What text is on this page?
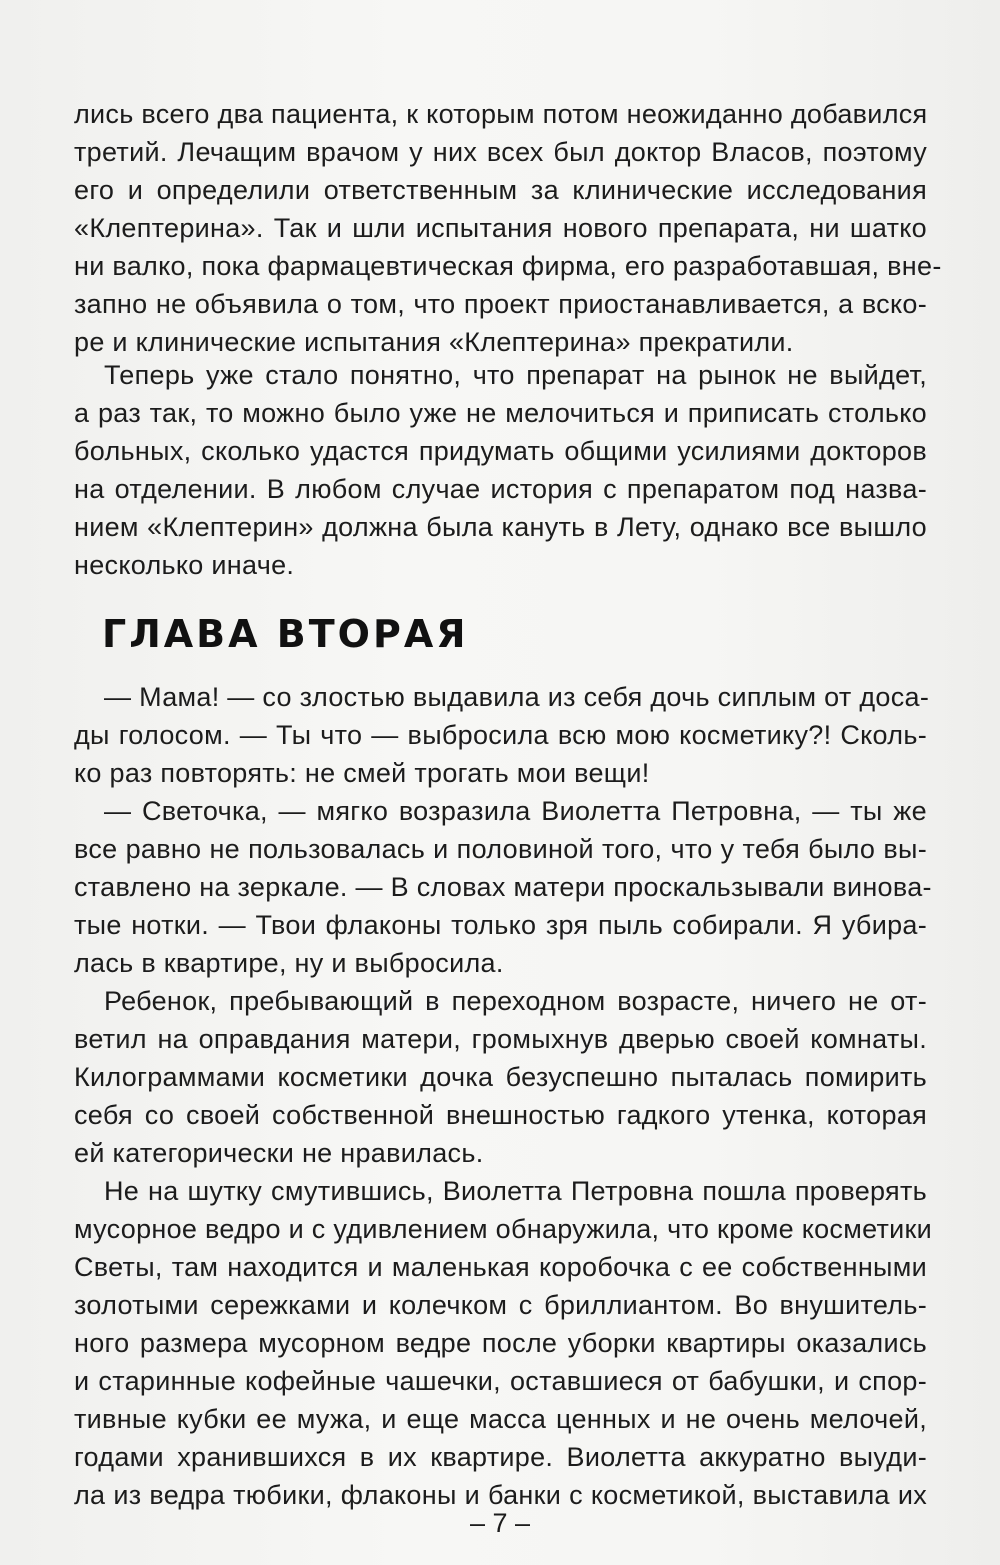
лись всего два пациента, к которым потом неожиданно добавился
третий. Лечащим врачом у них всех был доктор Власов, поэтому
его и определили ответственным за клинические исследования
«Клептерина». Так и шли испытания нового препарата, ни шатко
ни валко, пока фармацевтическая фирма, его разработавшая, вне-
запно не объявила о том, что проект приостанавливается, а вско-
ре и клинические испытания «Клептерина» прекратили.

Теперь уже стало понятно, что препарат на рынок не выйдет,
а раз так, то можно было уже не мелочиться и приписать столько
больных, сколько удастся придумать общими усилиями докторов
на отделении. В любом случае история с препаратом под назва-
нием «Клептерин» должна была кануть в Лету, однако все вышло
несколько иначе.

ГЛАВА ВТОРАЯ

— Мама! — со злостью выдавила из себя дочь сиплым от доса-
ды голосом. — Ты что — выбросила всю мою косметику?! Сколь-
ко раз повторять: не смей трогать мои вещи!

— Светочка, — мягко возразила Виолетта Петровна, — ты же
все равно не пользовалась и половиной того, что у тебя было вы-
ставлено на зеркале. — В словах матери проскальзывали винова-
тые нотки. — Твои флаконы только зря пыль собирали. Я убира-
лась в квартире, ну и выбросила.

Ребенок, пребывающий в переходном возрасте, ничего не от-
ветил на оправдания матери, громыхнув дверью своей комнаты.
Килограммами косметики дочка безуспешно пыталась помирить
себя со своей собственной внешностью гадкого утенка, которая
ей категорически не нравилась.

Не на шутку смутившись, Виолетта Петровна пошла проверять
мусорное ведро и с удивлением обнаружила, что кроме косметики
Светы, там находится и маленькая коробочка с ее собственными
золотыми сережками и колечком с бриллиантом. Во внушитель-
ного размера мусорном ведре после уборки квартиры оказались
и старинные кофейные чашечки, оставшиеся от бабушки, и спор-
тивные кубки ее мужа, и еще масса ценных и не очень мелочей,
годами хранившихся в их квартире. Виолетта аккуратно выуди-
ла из ведра тюбики, флаконы и банки с косметикой, выставила их

– 7 –
